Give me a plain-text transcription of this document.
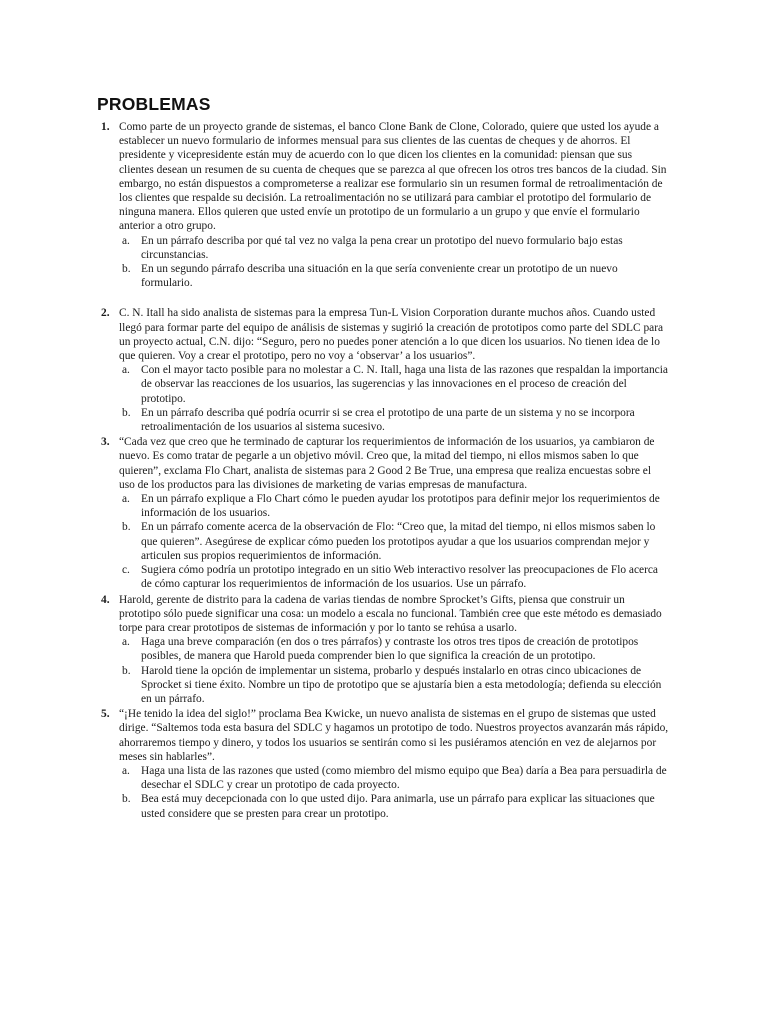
PROBLEMAS
1. Como parte de un proyecto grande de sistemas, el banco Clone Bank de Clone, Colorado, quiere que usted los ayude a establecer un nuevo formulario de informes mensual para sus clientes de las cuentas de cheques y de ahorros. El presidente y vicepresidente están muy de acuerdo con lo que dicen los clientes en la comunidad: piensan que sus clientes desean un resumen de su cuenta de cheques que se parezca al que ofrecen los otros tres bancos de la ciudad. Sin embargo, no están dispuestos a comprometerse a realizar ese formulario sin un resumen formal de retroalimentación de los clientes que respalde su decisión. La retroalimentación no se utilizará para cambiar el prototipo del formulario de ninguna manera. Ellos quieren que usted envíe un prototipo de un formulario a un grupo y que envíe el formulario anterior a otro grupo.

a. En un párrafo describa por qué tal vez no valga la pena crear un prototipo del nuevo formulario bajo estas circunstancias.
b. En un segundo párrafo describa una situación en la que sería conveniente crear un prototipo de un nuevo formulario.
2. C. N. Itall ha sido analista de sistemas para la empresa Tun-L Vision Corporation durante muchos años. Cuando usted llegó para formar parte del equipo de análisis de sistemas y sugirió la creación de prototipos como parte del SDLC para un proyecto actual, C.N. dijo: “Seguro, pero no puedes poner atención a lo que dicen los usuarios. No tienen idea de lo que quieren. Voy a crear el prototipo, pero no voy a ‘observar’ a los usuarios”.

a. Con el mayor tacto posible para no molestar a C. N. Itall, haga una lista de las razones que respaldan la importancia de observar las reacciones de los usuarios, las sugerencias y las innovaciones en el proceso de creación del prototipo.
b. En un párrafo describa qué podría ocurrir si se crea el prototipo de una parte de un sistema y no se incorpora retroalimentación de los usuarios al sistema sucesivo.
3. “Cada vez que creo que he terminado de capturar los requerimientos de información de los usuarios, ya cambiaron de nuevo. Es como tratar de pegarle a un objetivo móvil. Creo que, la mitad del tiempo, ni ellos mismos saben lo que quieren”, exclama Flo Chart, analista de sistemas para 2 Good 2 Be True, una empresa que realiza encuestas sobre el uso de los productos para las divisiones de marketing de varias empresas de manufactura.

a. En un párrafo explique a Flo Chart cómo le pueden ayudar los prototipos para definir mejor los requerimientos de información de los usuarios.
b. En un párrafo comente acerca de la observación de Flo: “Creo que, la mitad del tiempo, ni ellos mismos saben lo que quieren”. Asegúrese de explicar cómo pueden los prototipos ayudar a que los usuarios comprendan mejor y articulen sus propios requerimientos de información.
c. Sugiera cómo podría un prototipo integrado en un sitio Web interactivo resolver las preocupaciones de Flo acerca de cómo capturar los requerimientos de información de los usuarios. Use un párrafo.
4. Harold, gerente de distrito para la cadena de varias tiendas de nombre Sprocket’s Gifts, piensa que construir un prototipo sólo puede significar una cosa: un modelo a escala no funcional. También cree que este método es demasiado torpe para crear prototipos de sistemas de información y por lo tanto se rehúsa a usarlo.

a. Haga una breve comparación (en dos o tres párrafos) y contraste los otros tres tipos de creación de prototipos posibles, de manera que Harold pueda comprender bien lo que significa la creación de un prototipo.
b. Harold tiene la opción de implementar un sistema, probarlo y después instalarlo en otras cinco ubicaciones de Sprocket si tiene éxito. Nombre un tipo de prototipo que se ajustaría bien a esta metodología; defienda su elección en un párrafo.
5. “¡He tenido la idea del siglo!” proclama Bea Kwicke, un nuevo analista de sistemas en el grupo de sistemas que usted dirige. “Saltemos toda esta basura del SDLC y hagamos un prototipo de todo. Nuestros proyectos avanzarán más rápido, ahorraremos tiempo y dinero, y todos los usuarios se sentirán como si les pusiéramos atención en vez de alejarnos por meses sin hablarles”.

a. Haga una lista de las razones que usted (como miembro del mismo equipo que Bea) daría a Bea para persuadirla de desechar el SDLC y crear un prototipo de cada proyecto.
b. Bea está muy decepcionada con lo que usted dijo. Para animarla, use un párrafo para explicar las situaciones que usted considere que se presten para crear un prototipo.
